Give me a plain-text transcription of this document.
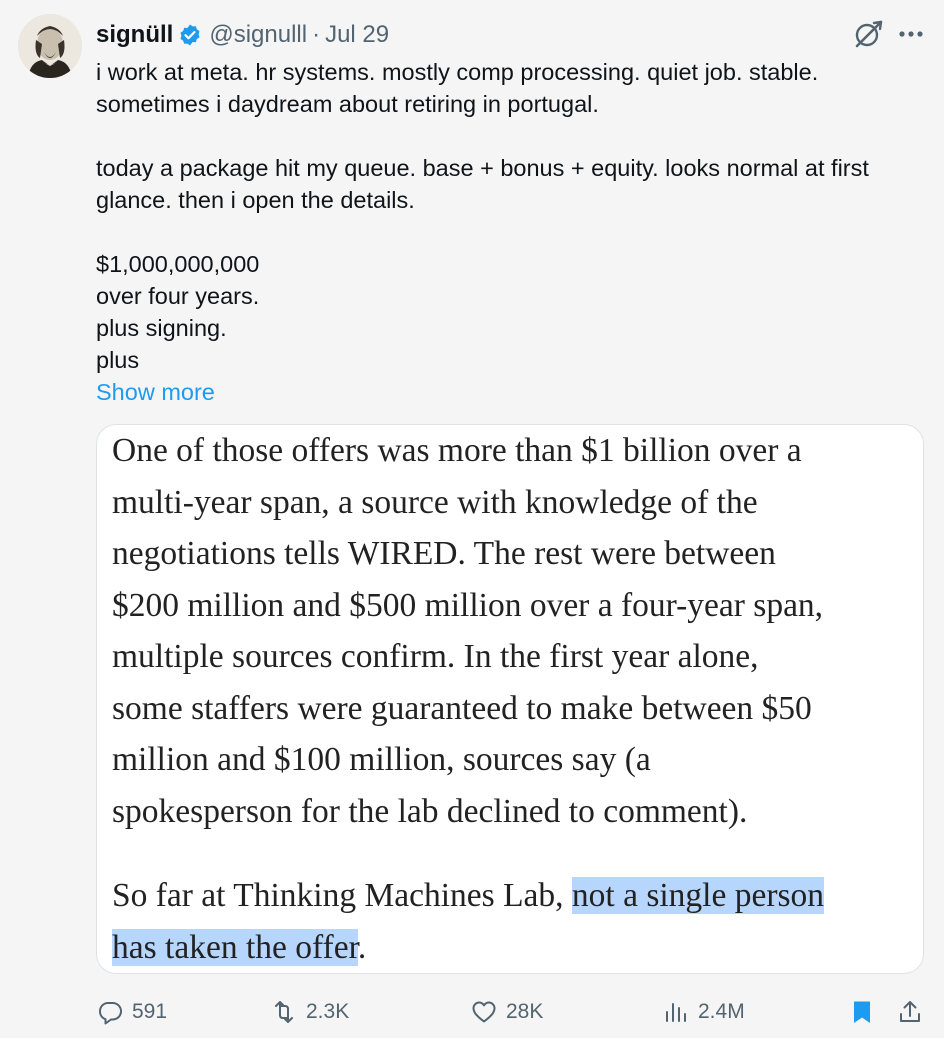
signüll @signulll · Jul 29
i work at meta. hr systems. mostly comp processing. quiet job. stable.
sometimes i daydream about retiring in portugal.
today a package hit my queue. base + bonus + equity. looks normal at first
glance. then i open the details.
$1,000,000,000
over four years.
plus signing.
plus
Show more
One of those offers was more than $1 billion over a
multi-year span, a source with knowledge of the
negotiations tells WIRED. The rest were between
$200 million and $500 million over a four-year span,
multiple sources confirm. In the first year alone,
some staffers were guaranteed to make between $50
million and $100 million, sources say (a
spokesperson for the lab declined to comment).
So far at Thinking Machines Lab, not a single person
has taken the offer.
591	2.3K	28K	2.4M
